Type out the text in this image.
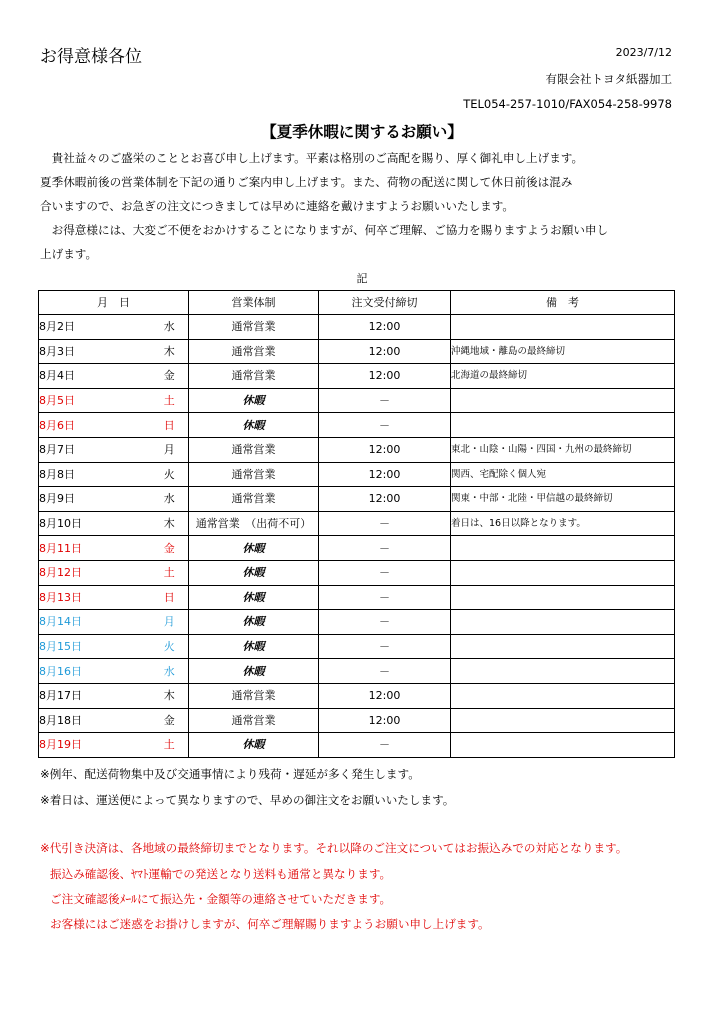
お得意様各位	2023/7/12
有限会社トヨタ紙器加工
TEL054-257-1010/FAX054-258-9978
【夏季休暇に関するお願い】
　貴社益々のご盛栄のこととお喜び申し上げます。平素は格別のご高配を賜り、厚く御礼申し上げます。
夏季休暇前後の営業体制を下記の通りご案内申し上げます。また、荷物の配送に関して休日前後は混み
合いますので、お急ぎの注文につきましては早めに連絡を戴けますようお願いいたします。
　お得意様には、大変ご不便をおかけすることになりますが、何卒ご理解、ご協力を賜りますようお願い申し
上げます。
記
月　日		営業体制	注文受付締切	備　考
8月2日	水	通常営業	12:00	
8月3日	木	通常営業	12:00	沖縄地域・離島の最終締切
8月4日	金	通常営業	12:00	北海道の最終締切
8月5日	土	休暇	－	
8月6日	日	休暇	－	
8月7日	月	通常営業	12:00	東北・山陰・山陽・四国・九州の最終締切
8月8日	火	通常営業	12:00	関西、宅配除く個人宛
8月9日	水	通常営業	12:00	関東・中部・北陸・甲信越の最終締切
8月10日	木	通常営業　（出荷不可）	－	着日は、16日以降となります。
8月11日	金	休暇	－	
8月12日	土	休暇	－	
8月13日	日	休暇	－	
8月14日	月	休暇	－	
8月15日	火	休暇	－	
8月16日	水	休暇	－	
8月17日	木	通常営業	12:00	
8月18日	金	通常営業	12:00	
8月19日	土	休暇	－	
※例年、配送荷物集中及び交通事情により残荷・遅延が多く発生します。
※着日は、運送便によって異なりますので、早めの御注文をお願いいたします。
※代引き決済は、各地域の最終締切までとなります。それ以降のご注文についてはお振込みでの対応となります。
振込み確認後、ﾔﾏﾄ運輸での発送となり送料も通常と異なります。
ご注文確認後ﾒｰﾙにて振込先・金額等の連絡させていただきます。
お客様にはご迷惑をお掛けしますが、何卒ご理解賜りますようお願い申し上げます。
